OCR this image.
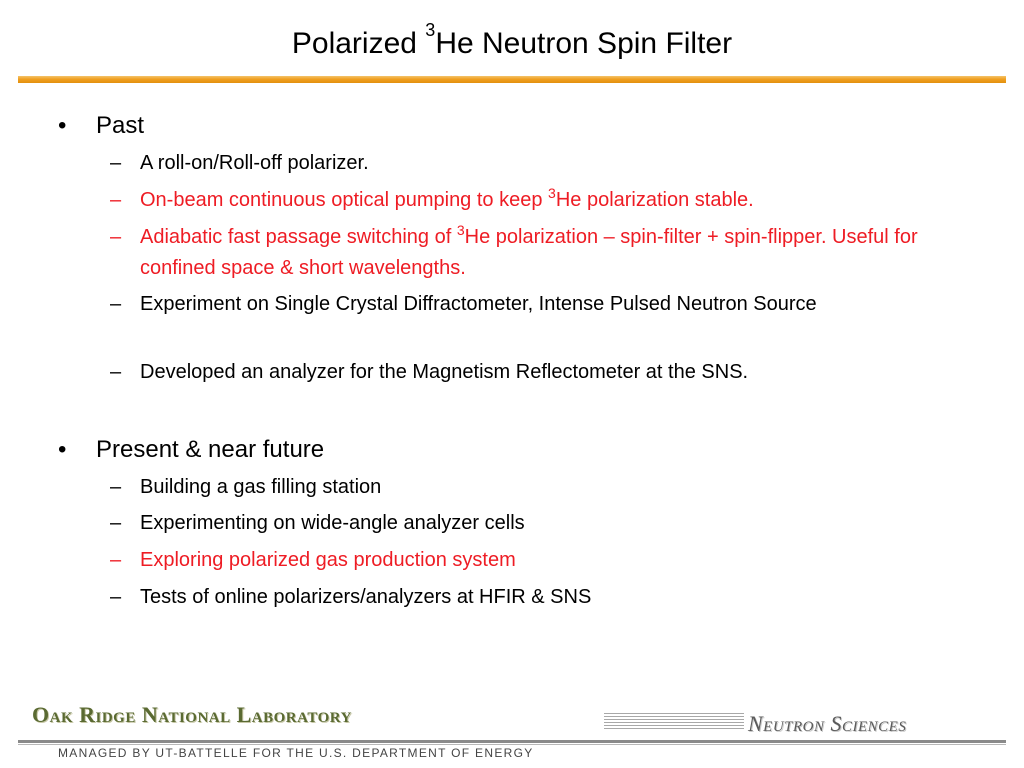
Polarized $^3$He Neutron Spin Filter
• Past
– A roll-on/Roll-off polarizer.
– On-beam continuous optical pumping to keep $^3$He polarization stable.
– Adiabatic fast passage switching of $^3$He polarization – spin-filter + spin-flipper. Useful for confined space & short wavelengths.
– Experiment on Single Crystal Diffractometer, Intense Pulsed Neutron Source
– Developed an analyzer for the Magnetism Reflectometer at the SNS.
• Present & near future
– Building a gas filling station
– Experimenting on wide-angle analyzer cells
– Exploring polarized gas production system
– Tests of online polarizers/analyzers at HFIR & SNS
Oak Ridge National Laboratory	Neutron Sciences
MANAGED BY UT-BATTELLE FOR THE U.S. DEPARTMENT OF ENERGY
